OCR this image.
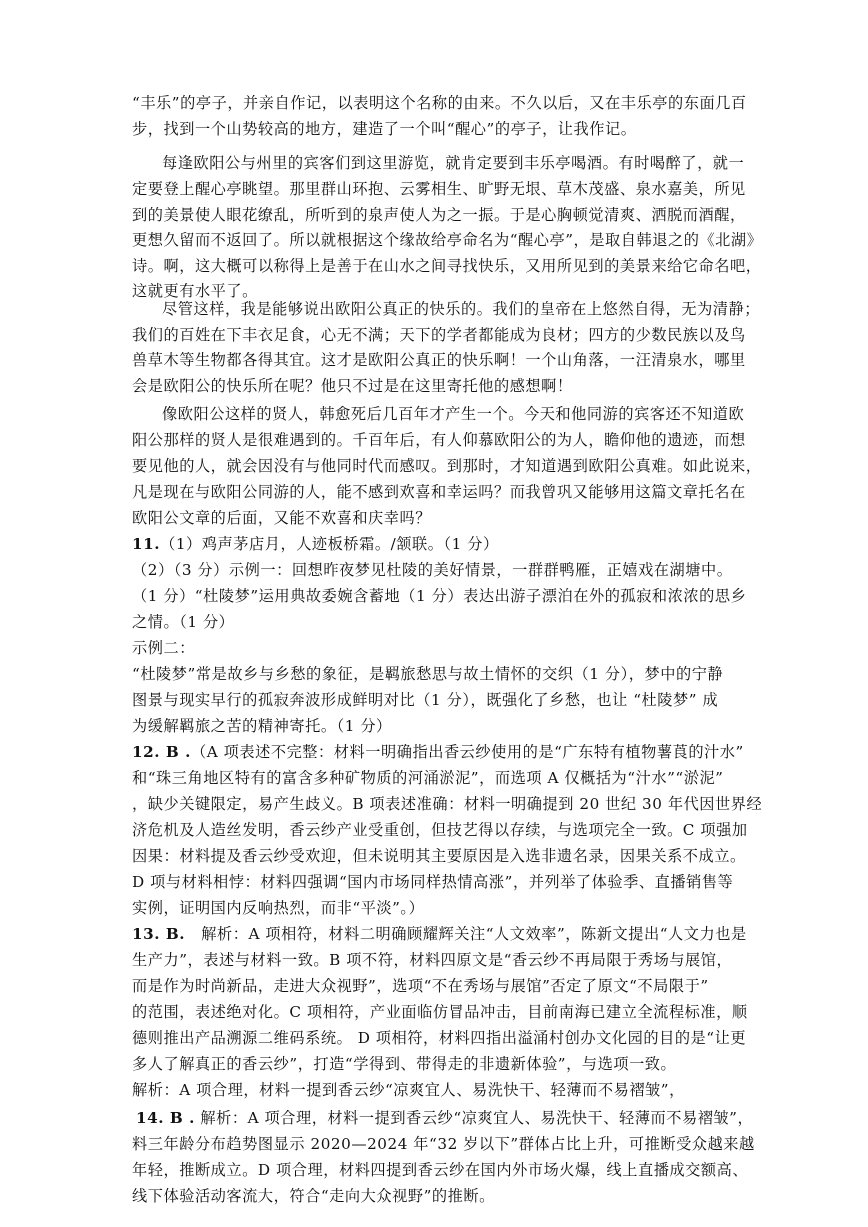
“丰乐”的亭子，并亲自作记，以表明这个名称的由来。不久以后，又在丰乐亭的东面几百
步，找到一个山势较高的地方，建造了一个叫“醒心”的亭子，让我作记。
每逢欧阳公与州里的宾客们到这里游览，就肯定要到丰乐亭喝酒。有时喝醉了，就一
定要登上醒心亭眺望。那里群山环抱、云雾相生、旷野无垠、草木茂盛、泉水嘉美，所见
到的美景使人眼花缭乱，所听到的泉声使人为之一振。于是心胸顿觉清爽、洒脱而酒醒，
更想久留而不返回了。所以就根据这个缘故给亭命名为“醒心亭”，是取自韩退之的《北湖》
诗。啊，这大概可以称得上是善于在山水之间寻找快乐，又用所见到的美景来给它命名吧，
这就更有水平了。
尽管这样，我是能够说出欧阳公真正的快乐的。我们的皇帝在上悠然自得，无为清静；
我们的百姓在下丰衣足食，心无不满；天下的学者都能成为良材；四方的少数民族以及鸟
兽草木等生物都各得其宜。这才是欧阳公真正的快乐啊！一个山角落，一汪清泉水，哪里
会是欧阳公的快乐所在呢？他只不过是在这里寄托他的感想啊！
像欧阳公这样的贤人，韩愈死后几百年才产生一个。今天和他同游的宾客还不知道欧
阳公那样的贤人是很难遇到的。千百年后，有人仰慕欧阳公的为人，瞻仰他的遗迹，而想
要见他的人，就会因没有与他同时代而感叹。到那时，才知道遇到欧阳公真难。如此说来，
凡是现在与欧阳公同游的人，能不感到欢喜和幸运吗？而我曾巩又能够用这篇文章托名在
欧阳公文章的后面，又能不欢喜和庆幸吗？
11.（1）鸡声茅店月，人迹板桥霜。/颔联。（1 分）
（2）（3 分）示例一：回想昨夜梦见杜陵的美好情景，一群群鸭雁，正嬉戏在湖塘中。
（1 分）“杜陵梦”运用典故委婉含蓄地（1 分）表达出游子漂泊在外的孤寂和浓浓的思乡
之情。（1 分）
示例二：
“杜陵梦”常是故乡与乡愁的象征，是羁旅愁思与故土情怀的交织（1 分），梦中的宁静
图景与现实早行的孤寂奔波形成鲜明对比（1 分），既强化了乡愁，也让 “杜陵梦” 成
为缓解羁旅之苦的精神寄托。（1 分）
12. B .（A 项表述不完整：材料一明确指出香云纱使用的是“广东特有植物薯莨的汁水”
和“珠三角地区特有的富含多种矿物质的河涌淤泥”，而选项 A 仅概括为“汁水”“淤泥”
，缺少关键限定，易产生歧义。B 项表述准确：材料一明确提到 20 世纪 30 年代因世界经
济危机及人造丝发明，香云纱产业受重创，但技艺得以存续，与选项完全一致。C 项强加
因果：材料提及香云纱受欢迎，但未说明其主要原因是入选非遗名录，因果关系不成立。
D 项与材料相悖：材料四强调“国内市场同样热情高涨”，并列举了体验季、直播销售等
实例，证明国内反响热烈，而非“平淡”。）
13. B. 解析：A 项相符，材料二明确顾耀辉关注“人文效率”，陈新文提出“人文力也是
生产力”，表述与材料一致。B 项不符，材料四原文是“香云纱不再局限于秀场与展馆，
而是作为时尚新品，走进大众视野”，选项“不在秀场与展馆”否定了原文“不局限于”
的范围，表述绝对化。C 项相符，产业面临仿冒品冲击，目前南海已建立全流程标准，顺
德则推出产品溯源二维码系统。 D 项相符，材料四指出溢涌村创办文化园的目的是“让更
多人了解真正的香云纱”，打造“学得到、带得走的非遗新体验”，与选项一致。
解析：A 项合理，材料一提到香云纱“凉爽宜人、易洗快干、轻薄而不易褶皱”，
14. B . 解析：A 项合理，材料一提到香云纱“凉爽宜人、易洗快干、轻薄而不易褶皱”，
料三年龄分布趋势图显示 2020—2024 年“32 岁以下”群体占比上升，可推断受众越来越
年轻，推断成立。D 项合理，材料四提到香云纱在国内外市场火爆，线上直播成交额高、
线下体验活动客流大，符合“走向大众视野”的推断。
